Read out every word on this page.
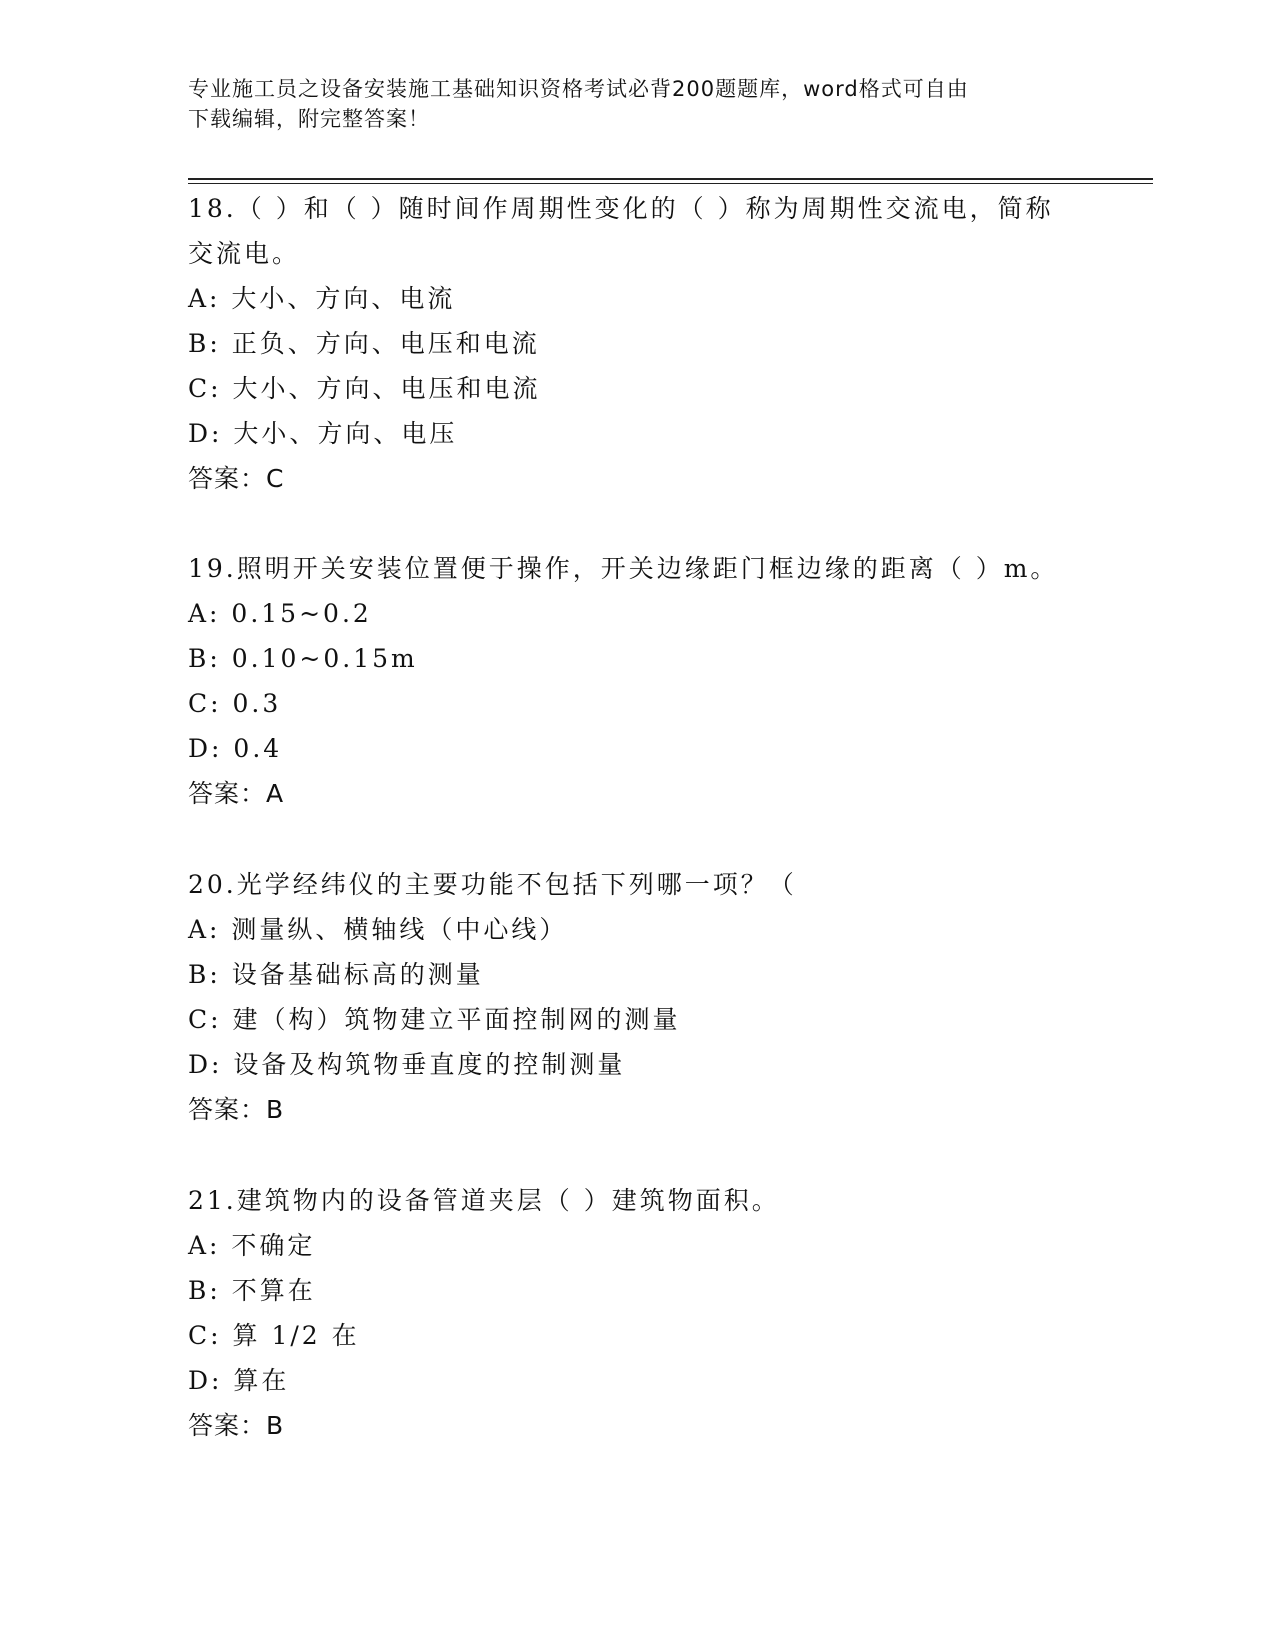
专业施工员之设备安装施工基础知识资格考试必背200题题库，word格式可自由
下载编辑，附完整答案！
18.（ ）和（ ）随时间作周期性变化的（ ）称为周期性交流电，简称交流电。
A: 大小、方向、电流
B: 正负、方向、电压和电流
C: 大小、方向、电压和电流
D: 大小、方向、电压
答案：C
19.照明开关安装位置便于操作，开关边缘距门框边缘的距离（ ）m。
A: 0.15~0.2
B: 0.10~0.15m
C: 0.3
D: 0.4
答案：A
20.光学经纬仪的主要功能不包括下列哪一项？（
A: 测量纵、横轴线（中心线）
B: 设备基础标高的测量
C: 建（构）筑物建立平面控制网的测量
D: 设备及构筑物垂直度的控制测量
答案：B
21.建筑物内的设备管道夹层（ ）建筑物面积。
A: 不确定
B: 不算在
C: 算 1/2 在
D: 算在
答案：B
